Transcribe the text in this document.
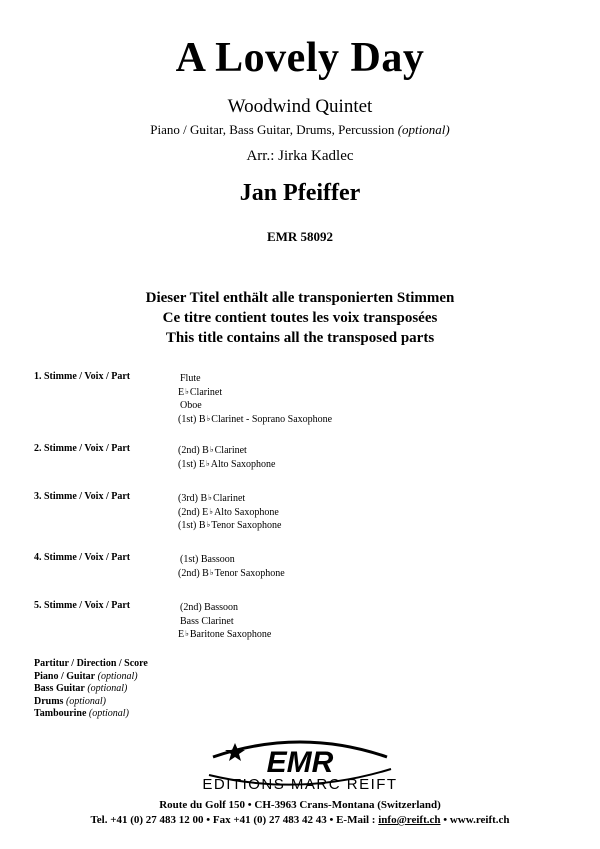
A Lovely Day
Woodwind Quintet
Piano / Guitar, Bass Guitar, Drums, Percussion (optional)
Arr.: Jirka Kadlec
Jan Pfeiffer
EMR 58092
Dieser Titel enthält alle transponierten Stimmen
Ce titre contient toutes les voix transposées
This title contains all the transposed parts
1. Stimme / Voix / Part	Flute
E♭Clarinet
Oboe
(1st) B♭Clarinet - Soprano Saxophone
2. Stimme / Voix / Part	(2nd) B♭Clarinet
(1st) E♭Alto Saxophone
3. Stimme / Voix / Part	(3rd) B♭Clarinet
(2nd) E♭Alto Saxophone
(1st) B♭Tenor Saxophone
4. Stimme / Voix / Part	(1st) Bassoon
(2nd) B♭Tenor Saxophone
5. Stimme / Voix / Part	(2nd) Bassoon
Bass Clarinet
E♭Baritone Saxophone
Partitur / Direction / Score
Piano / Guitar (optional)
Bass Guitar (optional)
Drums (optional)
Tambourine (optional)
EMR
EDITIONS MARC REIFT
Route du Golf 150 • CH-3963 Crans-Montana (Switzerland)
Tel. +41 (0) 27 483 12 00 • Fax +41 (0) 27 483 42 43 • E-Mail : info@reift.ch • www.reift.ch
